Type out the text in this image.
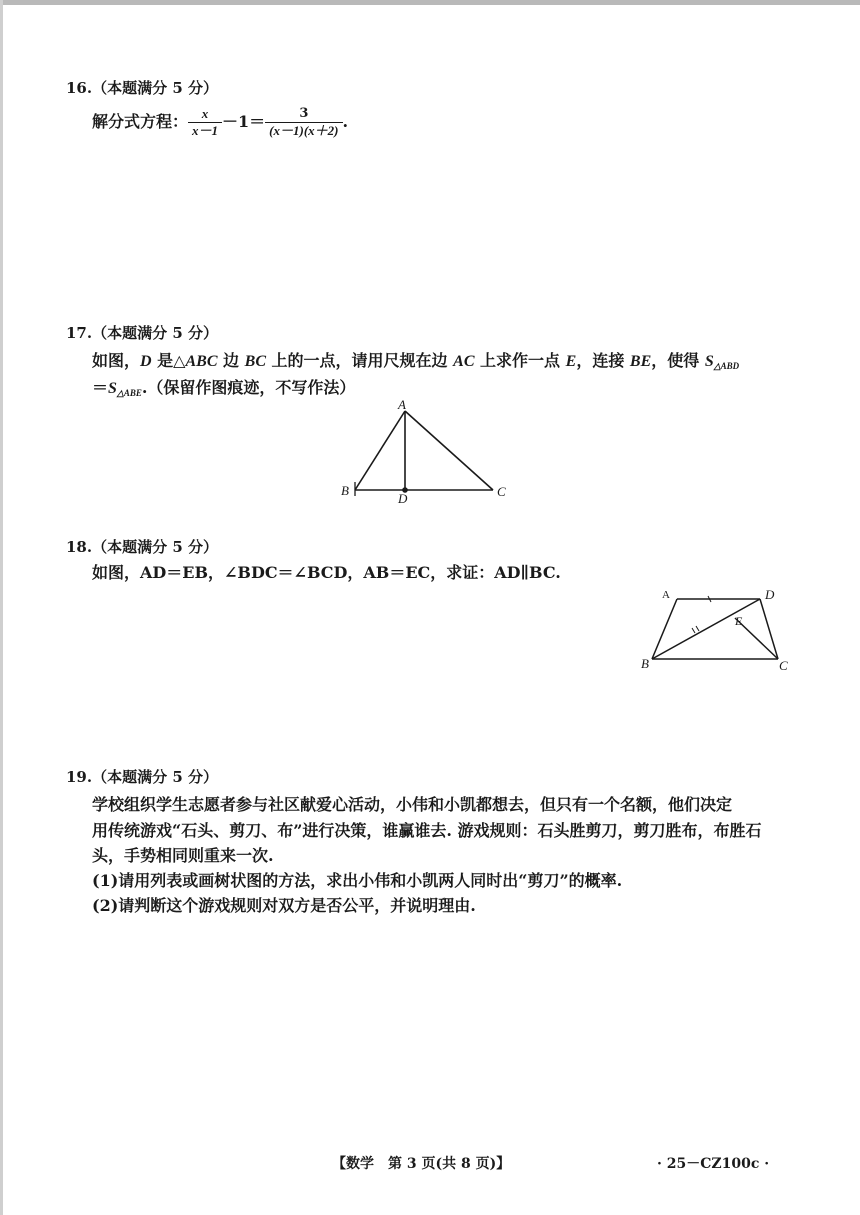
16.（本题满分 5 分）
解分式方程： $\frac{x}{x-1} -1= \frac{3}{(x-1)(x+2)}$ .
17.（本题满分 5 分）
如图，D 是△ABC 边 BC 上的一点，请用尺规在边 AC 上求作一点 E，连接 BE，使得 $S_{\triangle ABD}$
$=S_{\triangle ABE}$.（保留作图痕迹，不写作法）
A
B	C
D
18.（本题满分 5 分）
如图，AD＝EB，∠BDC＝∠BCD，AB＝EC，求证：AD∥BC.
A	D
B	C
E
19.（本题满分 5 分）
学校组织学生志愿者参与社区献爱心活动，小伟和小凯都想去，但只有一个名额，他们决定
用传统游戏“石头、剪刀、布”进行决策，谁赢谁去. 游戏规则：石头胜剪刀，剪刀胜布，布胜石
头，手势相同则重来一次.
(1)请用列表或画树状图的方法，求出小伟和小凯两人同时出“剪刀”的概率.
(2)请判断这个游戏规则对双方是否公平，并说明理由.
【数学　第 3 页(共 8 页)】	· 25－CZ100c ·
